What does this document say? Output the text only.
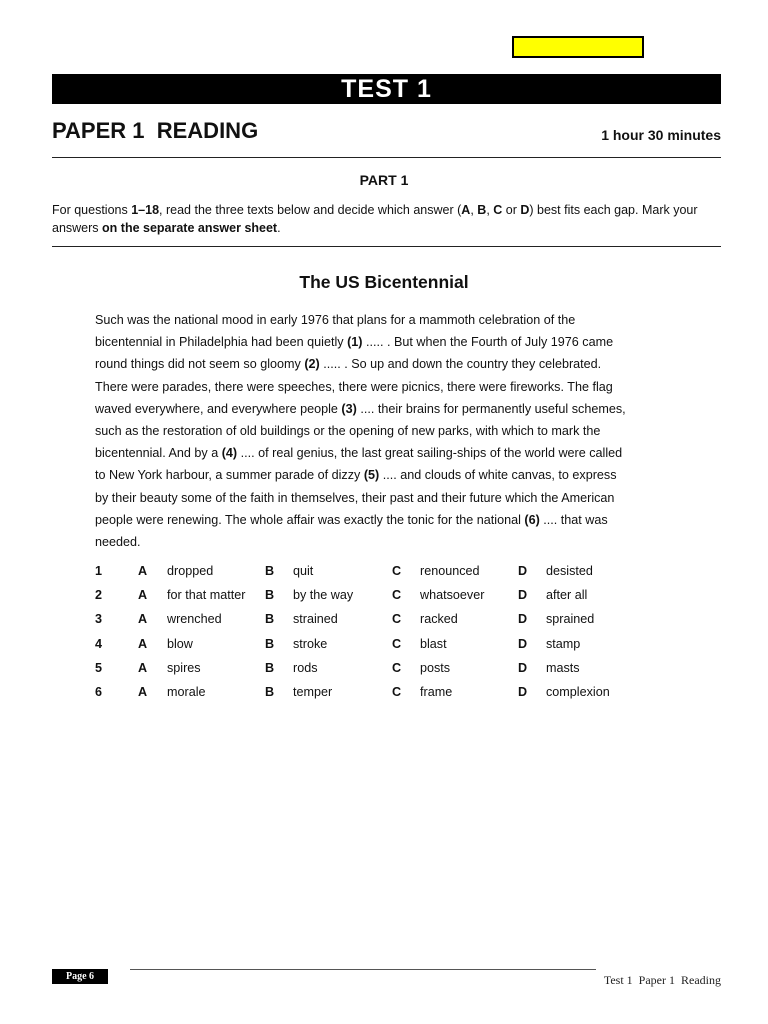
TEST 1
PAPER 1  READING	1 hour 30 minutes
PART 1
For questions 1–18, read the three texts below and decide which answer (A, B, C or D) best fits each gap. Mark your answers on the separate answer sheet.
The US Bicentennial
Such was the national mood in early 1976 that plans for a mammoth celebration of the
bicentennial in Philadelphia had been quietly (1) ..... . But when the Fourth of July 1976 came
round things did not seem so gloomy (2) ..... . So up and down the country they celebrated.
There were parades, there were speeches, there were picnics, there were fireworks. The flag
waved everywhere, and everywhere people (3) .... their brains for permanently useful schemes,
such as the restoration of old buildings or the opening of new parks, with which to mark the
bicentennial. And by a (4) .... of real genius, the last great sailing-ships of the world were called
to New York harbour, a summer parade of dizzy (5) .... and clouds of white canvas, to express
by their beauty some of the faith in themselves, their past and their future which the American
people were renewing. The whole affair was exactly the tonic for the national (6) .... that was
needed.
1	A dropped	B quit	C renounced	D desisted
2	A for that matter B by the way	C whatsoever	D after all
3	A wrenched	B strained	C racked	D sprained
4	A blow	B stroke	C blast	D stamp
5	A spires	B rods	C posts	D masts
6	A morale	B temper	C frame	D complexion
Page 6	Test 1  Paper 1  Reading
